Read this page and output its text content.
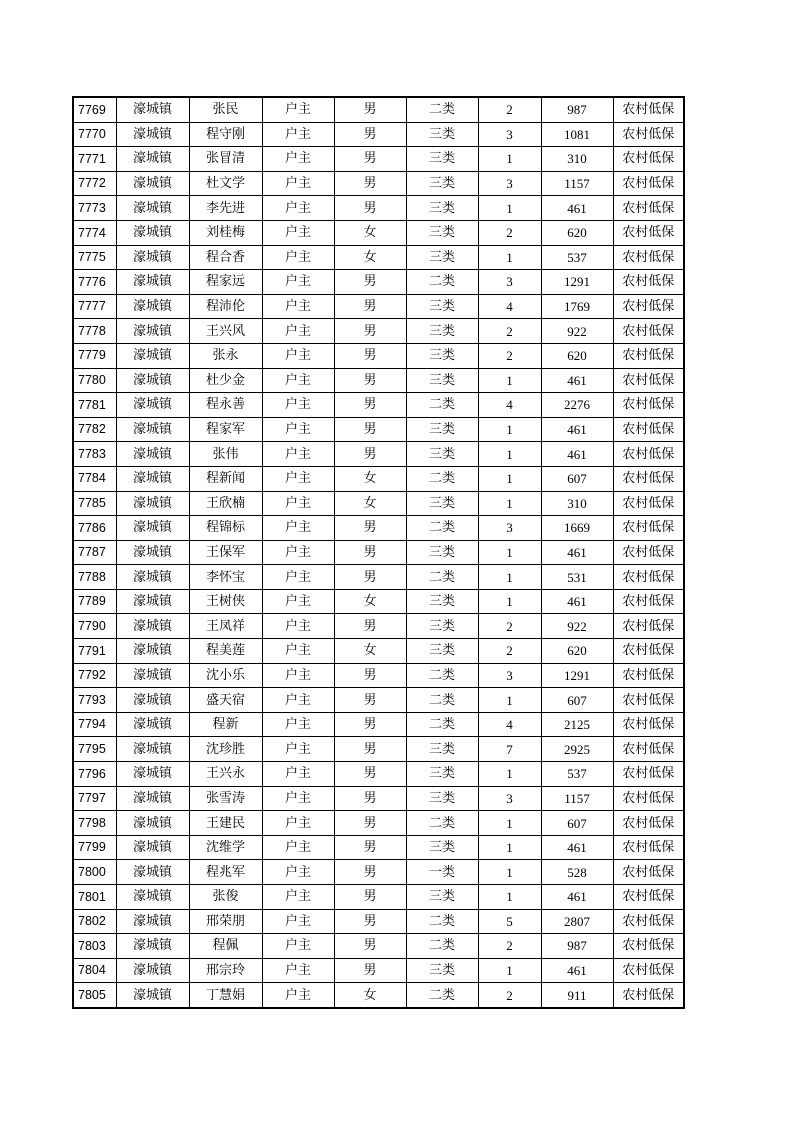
7769	濠城镇	张民	户主	男	二类	2	987	农村低保
7770	濠城镇	程守刚	户主	男	三类	3	1081	农村低保
7771	濠城镇	张冒清	户主	男	三类	1	310	农村低保
7772	濠城镇	杜文学	户主	男	三类	3	1157	农村低保
7773	濠城镇	李先进	户主	男	三类	1	461	农村低保
7774	濠城镇	刘桂梅	户主	女	三类	2	620	农村低保
7775	濠城镇	程合香	户主	女	三类	1	537	农村低保
7776	濠城镇	程家远	户主	男	二类	3	1291	农村低保
7777	濠城镇	程沛伦	户主	男	三类	4	1769	农村低保
7778	濠城镇	王兴风	户主	男	三类	2	922	农村低保
7779	濠城镇	张永	户主	男	三类	2	620	农村低保
7780	濠城镇	杜少金	户主	男	三类	1	461	农村低保
7781	濠城镇	程永善	户主	男	二类	4	2276	农村低保
7782	濠城镇	程家军	户主	男	三类	1	461	农村低保
7783	濠城镇	张伟	户主	男	三类	1	461	农村低保
7784	濠城镇	程新闻	户主	女	二类	1	607	农村低保
7785	濠城镇	王欣楠	户主	女	三类	1	310	农村低保
7786	濠城镇	程锦标	户主	男	二类	3	1669	农村低保
7787	濠城镇	王保军	户主	男	三类	1	461	农村低保
7788	濠城镇	李怀宝	户主	男	二类	1	531	农村低保
7789	濠城镇	王树侠	户主	女	三类	1	461	农村低保
7790	濠城镇	王凤祥	户主	男	三类	2	922	农村低保
7791	濠城镇	程美莲	户主	女	三类	2	620	农村低保
7792	濠城镇	沈小乐	户主	男	二类	3	1291	农村低保
7793	濠城镇	盛天宿	户主	男	二类	1	607	农村低保
7794	濠城镇	程新	户主	男	二类	4	2125	农村低保
7795	濠城镇	沈珍胜	户主	男	三类	7	2925	农村低保
7796	濠城镇	王兴永	户主	男	三类	1	537	农村低保
7797	濠城镇	张雪涛	户主	男	三类	3	1157	农村低保
7798	濠城镇	王建民	户主	男	二类	1	607	农村低保
7799	濠城镇	沈维学	户主	男	三类	1	461	农村低保
7800	濠城镇	程兆军	户主	男	一类	1	528	农村低保
7801	濠城镇	张俊	户主	男	三类	1	461	农村低保
7802	濠城镇	邢荣朋	户主	男	二类	5	2807	农村低保
7803	濠城镇	程佩	户主	男	二类	2	987	农村低保
7804	濠城镇	邢宗玲	户主	男	三类	1	461	农村低保
7805	濠城镇	丁慧娟	户主	女	二类	2	911	农村低保
